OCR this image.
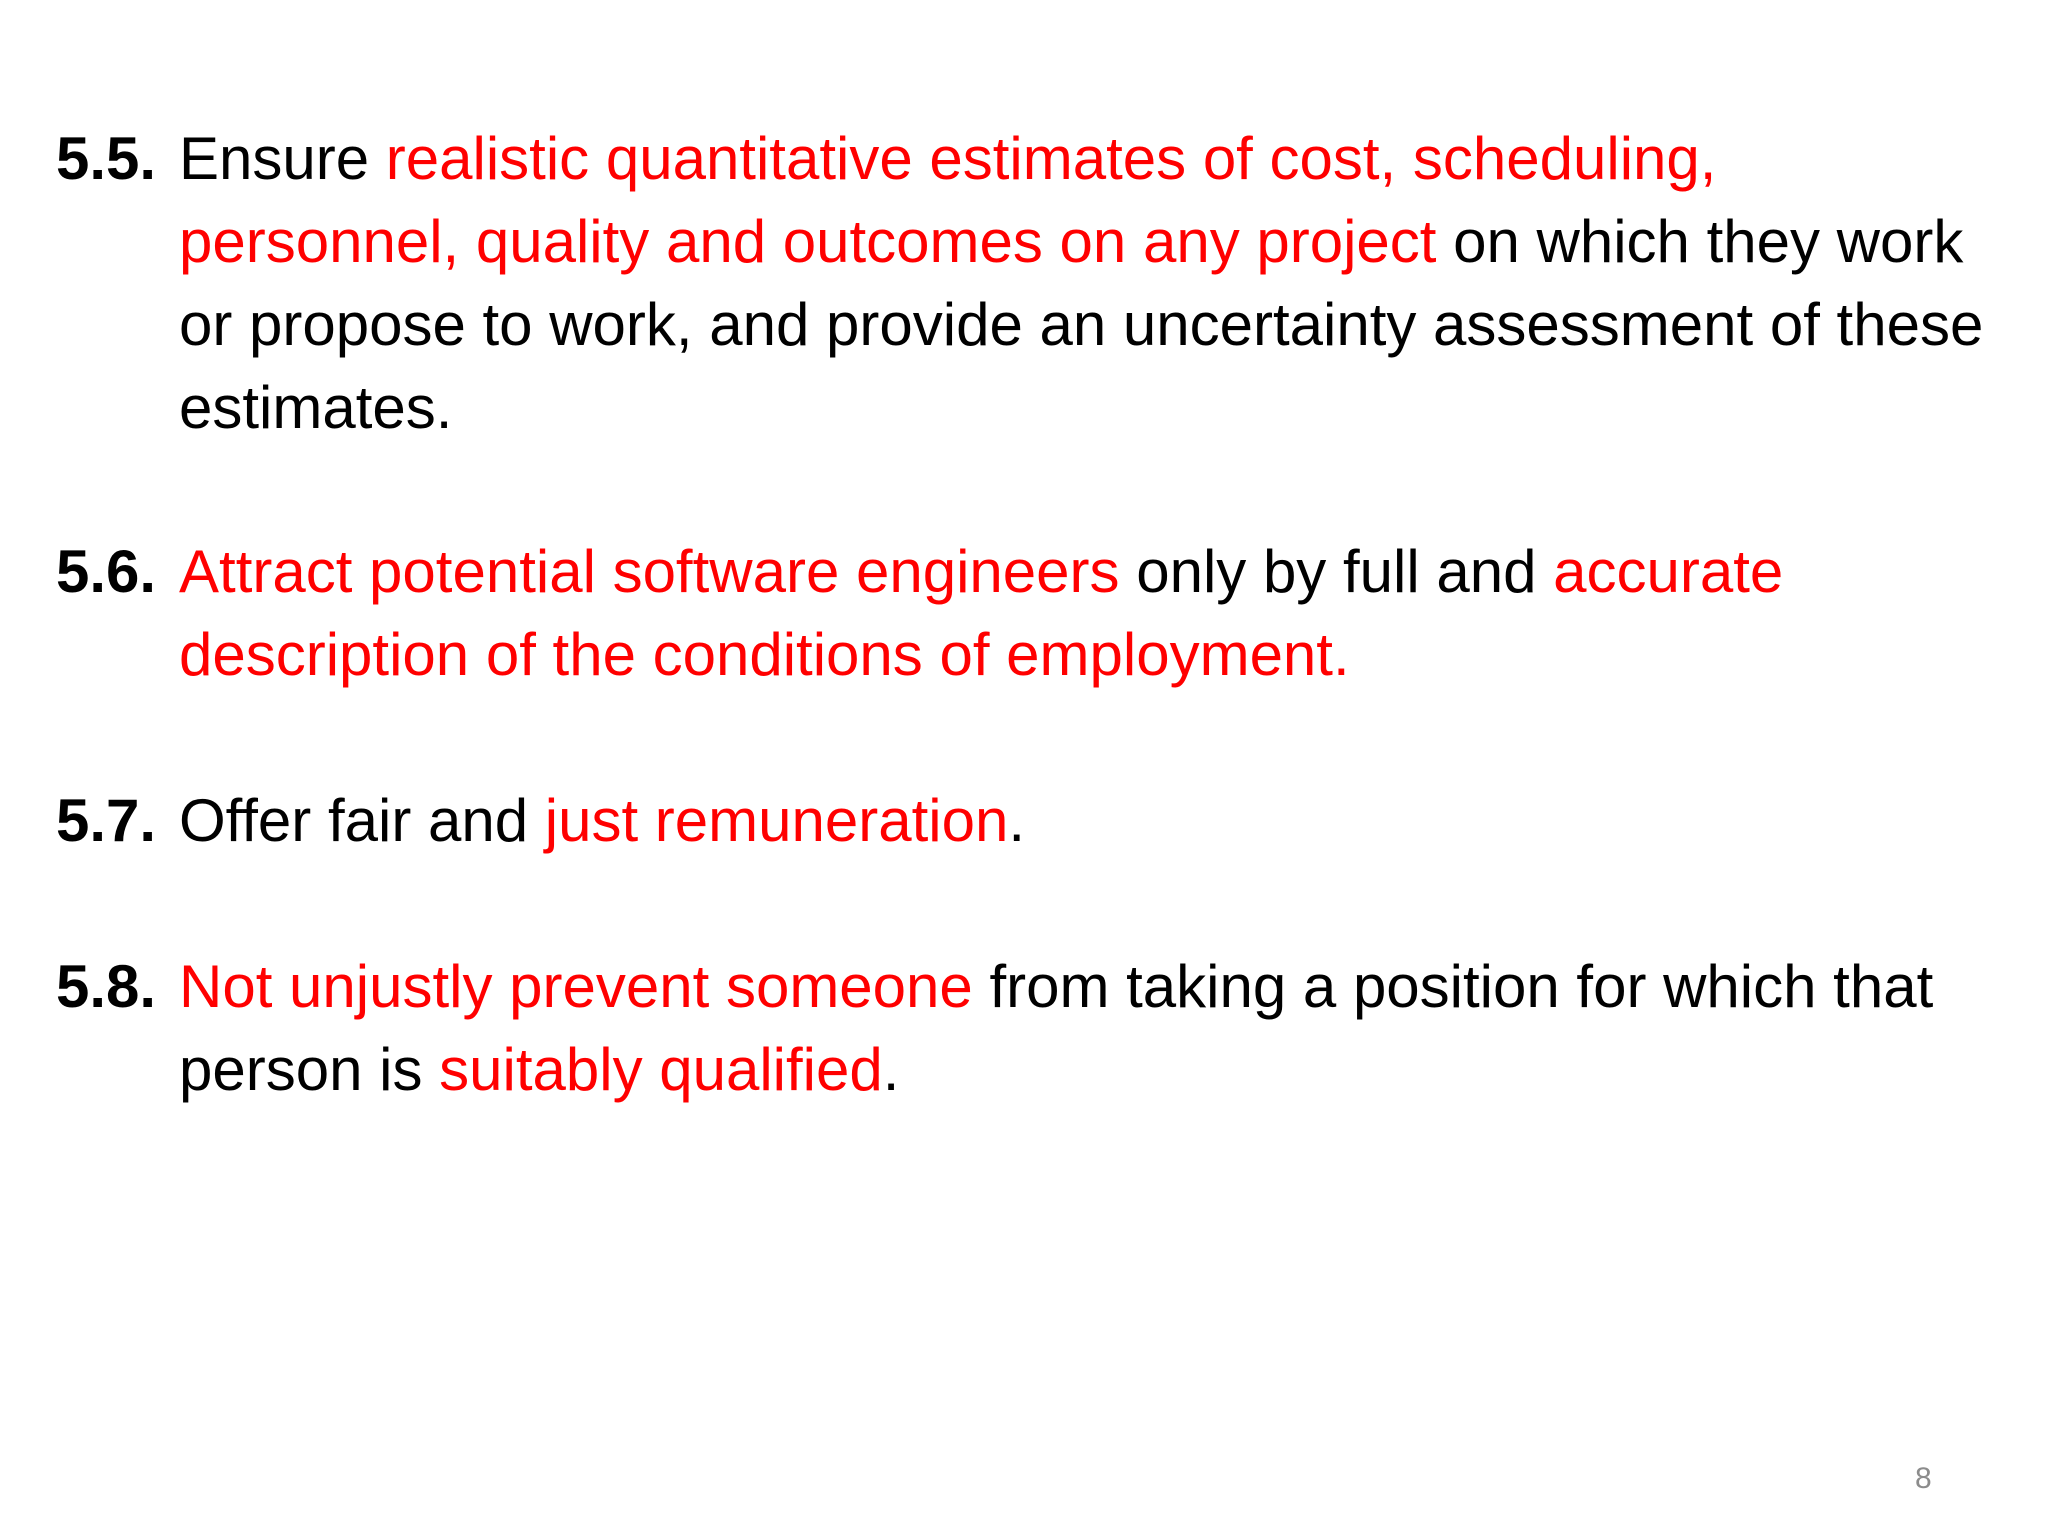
5.5. Ensure realistic quantitative estimates of cost, scheduling, personnel, quality and outcomes on any project on which they work or propose to work, and provide an uncertainty assessment of these estimates.

5.6. Attract potential software engineers only by full and accurate description of the conditions of employment.

5.7. Offer fair and just remuneration.

5.8. Not unjustly prevent someone from taking a position for which that person is suitably qualified.

8
